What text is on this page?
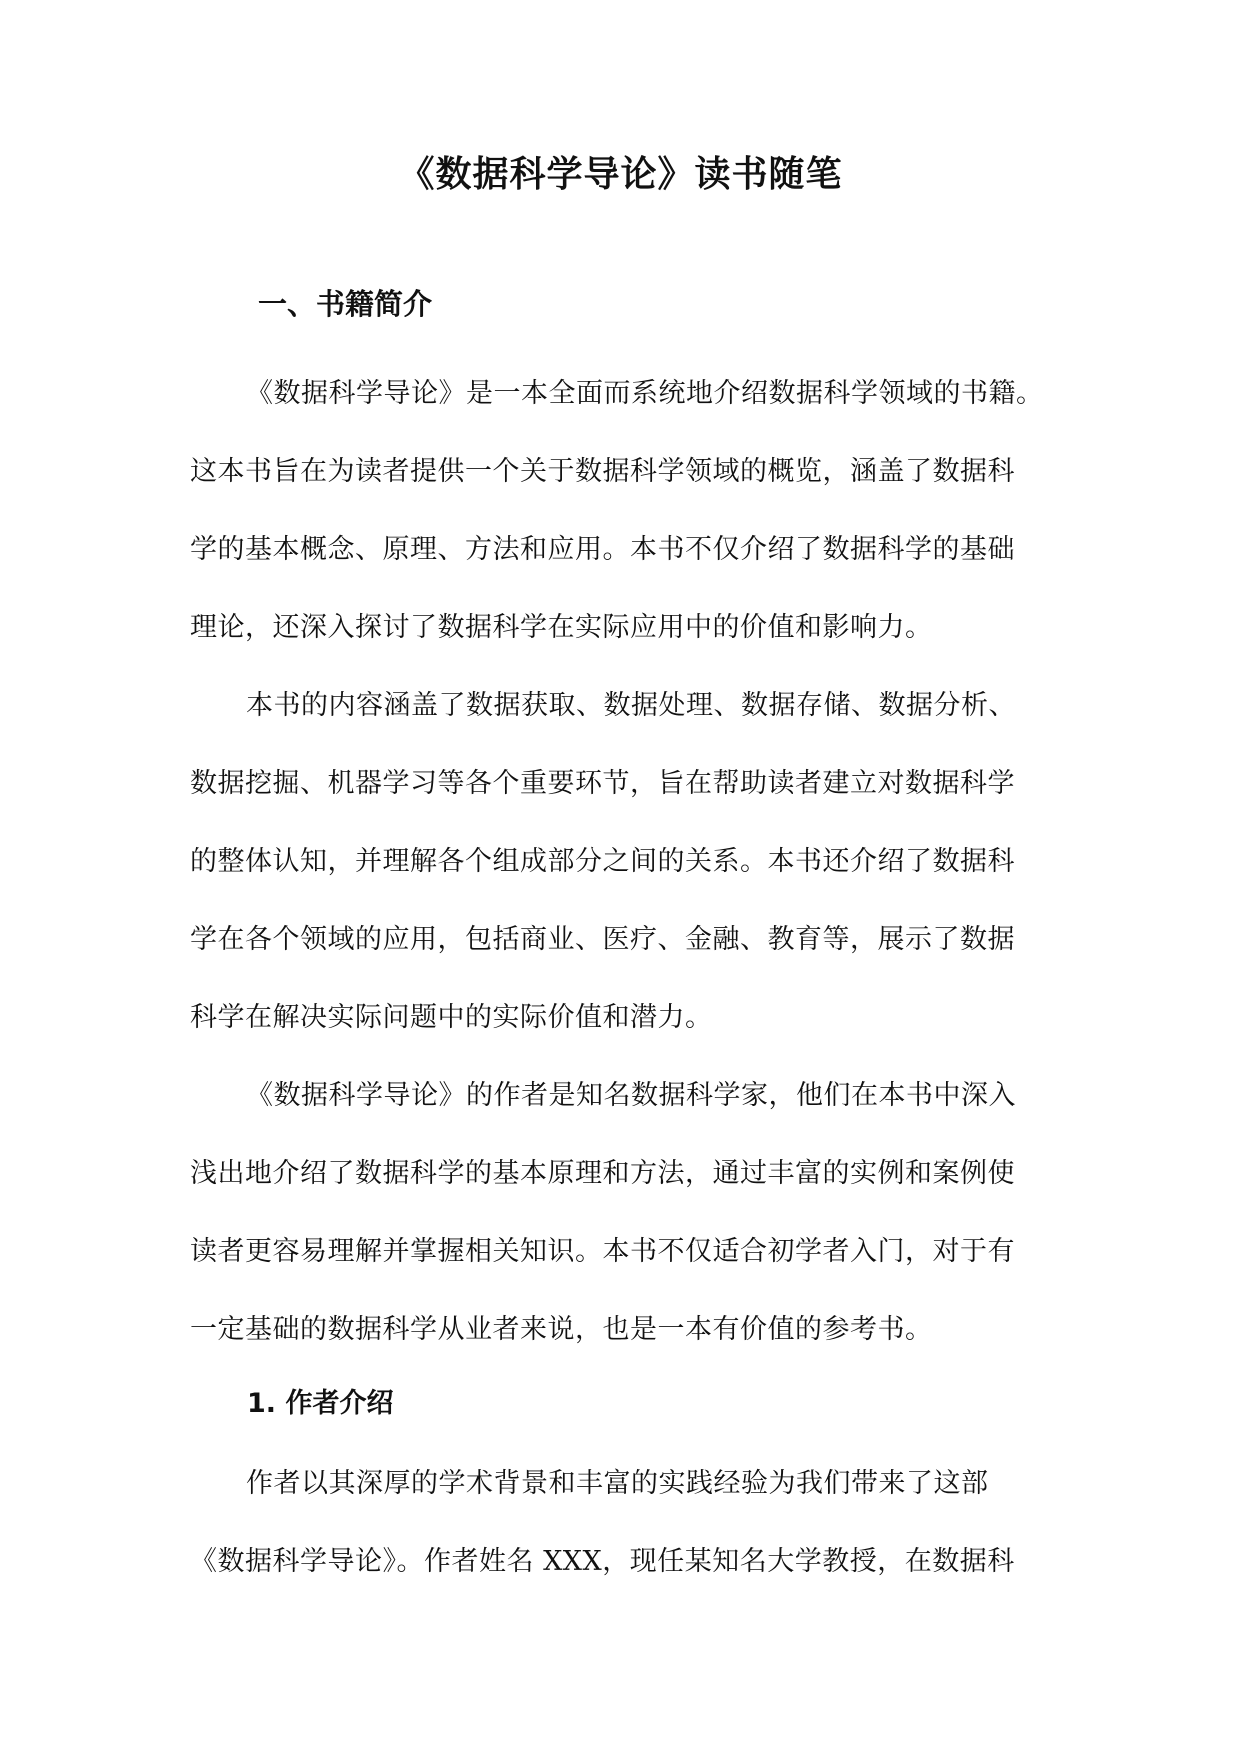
《数据科学导论》读书随笔
一、书籍简介

《数据科学导论》是一本全面而系统地介绍数据科学领域的书籍。

这本书旨在为读者提供一个关于数据科学领域的概览，涵盖了数据科

学的基本概念、原理、方法和应用。本书不仅介绍了数据科学的基础

理论，还深入探讨了数据科学在实际应用中的价值和影响力。

本书的内容涵盖了数据获取、数据处理、数据存储、数据分析、

数据挖掘、机器学习等各个重要环节，旨在帮助读者建立对数据科学

的整体认知，并理解各个组成部分之间的关系。本书还介绍了数据科

学在各个领域的应用，包括商业、医疗、金融、教育等，展示了数据

科学在解决实际问题中的实际价值和潜力。

《数据科学导论》的作者是知名数据科学家，他们在本书中深入

浅出地介绍了数据科学的基本原理和方法，通过丰富的实例和案例使

读者更容易理解并掌握相关知识。本书不仅适合初学者入门，对于有

一定基础的数据科学从业者来说，也是一本有价值的参考书。

1. 作者介绍

作者以其深厚的学术背景和丰富的实践经验为我们带来了这部

《数据科学导论》。作者姓名 XXX，现任某知名大学教授，在数据科
